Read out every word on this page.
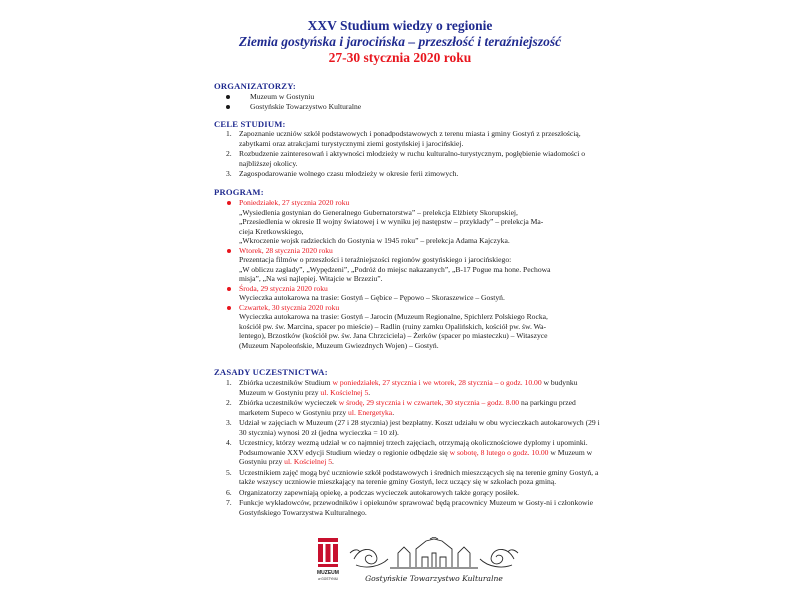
XXV Studium wiedzy o regionie
Ziemia gostyńska i jarocińska – przeszłość i teraźniejszość
27-30 stycznia 2020 roku
ORGANIZATORZY:
Muzeum w Gostyniu
Gostyńskie Towarzystwo Kulturalne
CELE STUDIUM:
1. Zapoznanie uczniów szkół podstawowych i ponadpodstawowych z terenu miasta i gminy Gostyń z przeszłością, zabytkami oraz atrakcjami turystycznymi ziemi gostyńskiej i jarocińskiej.
2. Rozbudzenie zainteresowań i aktywności młodzieży w ruchu kulturalno-turystycznym, pogłębienie wiadomości o najbliższej okolicy.
3. Zagospodarowanie wolnego czasu młodzieży w okresie ferii zimowych.
PROGRAM:
Poniedziałek, 27 stycznia 2020 roku
„Wysiedlenia gostynian do Generalnego Gubernatorstwa” – prelekcja Elżbiety Skorupskiej,
„Przesiedlenia w okresie II wojny światowej i w wyniku jej następstw – przykłady” – prelekcja Ma-
cieja Kretkowskiego,
„Wkroczenie wojsk radzieckich do Gostynia w 1945 roku” – prelekcja Adama Kajczyka.
Wtorek, 28 stycznia 2020 roku
Prezentacja filmów o przeszłości i teraźniejszości regionów gostyńskiego i jarocińskiego:
„W obliczu zagłady”, „Wypędzeni”, „Podróż do miejsc nakazanych”, „B-17 Pogue ma hone. Pechowa
misja”, „Na wsi najlepiej. Witajcie w Brzeziu”.
Środa, 29 stycznia 2020 roku
Wycieczka autokarowa na trasie: Gostyń – Gębice – Pępowo – Skoraszewice – Gostyń.
Czwartek, 30 stycznia 2020 roku
Wycieczka autokarowa na trasie: Gostyń – Jarocin (Muzeum Regionalne, Spichlerz Polskiego Rocka,
kościół pw. św. Marcina, spacer po mieście) – Radlin (ruiny zamku Opalińskich, kościół pw. św. Wa-
lentego), Brzostków (kościół pw. św. Jana Chrzciciela) – Żerków (spacer po miasteczku) – Witaszyce
(Muzeum Napoleońskie, Muzeum Gwiezdnych Wojen) – Gostyń.
ZASADY UCZESTNICTWA:
1. Zbiórka uczestników Studium w poniedziałek, 27 stycznia i we wtorek, 28 stycznia – o godz. 10.00 w budynku Muzeum w Gostyniu przy ul. Kościelnej 5.
2. Zbiórka uczestników wycieczek w środę, 29 stycznia i w czwartek, 30 stycznia – godz. 8.00 na parkingu przed marketem Supeco w Gostyniu przy ul. Energetyka.
3. Udział w zajęciach w Muzeum (27 i 28 stycznia) jest bezpłatny. Koszt udziału w obu wycieczkach autokarowych (29 i 30 stycznia) wynosi 20 zł (jedna wycieczka = 10 zł).
4. Uczestnicy, którzy wezmą udział w co najmniej trzech zajęciach, otrzymają okolicznościowe dyplomy i upominki. Podsumowanie XXV edycji Studium wiedzy o regionie odbędzie się w sobotę, 8 lutego o godz. 10.00 w Muzeum w Gostyniu przy ul. Kościelnej 5.
5. Uczestnikiem zajęć mogą być uczniowie szkół podstawowych i średnich mieszczących się na terenie gminy Gostyń, a także wszyscy uczniowie mieszkający na terenie gminy Gostyń, lecz uczący się w szkołach poza gminą.
6. Organizatorzy zapewniają opiekę, a podczas wycieczek autokarowych także gorący posiłek.
7. Funkcje wykładowców, przewodników i opiekunów sprawować będą pracownicy Muzeum w Gosty-ni i członkowie Gostyńskiego Towarzystwa Kulturalnego.
MUZEUM
w GOSTYNIU	Gostyńskie Towarzystwo Kulturalne
